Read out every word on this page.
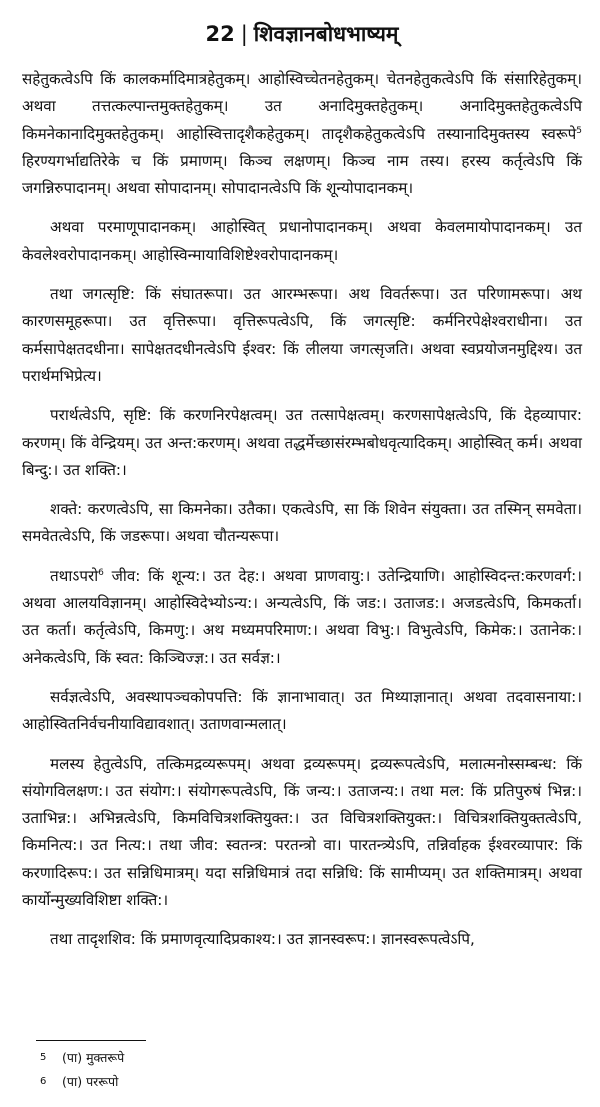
22 | शिवज्ञानबोधभाष्यम्

सहेतुकत्वेऽपि किं कालकर्मादिमात्रहेतुकम्। आहोस्विच्चेतनहेतुकम्। चेतनहेतुकत्वेऽपि किं संसारिहेतुकम्। अथवा तत्तत्कल्पान्तमुक्तहेतुकम्। उत अनादिमुक्तहेतुकम्। अनादिमुक्तहेतुकत्वेऽपि किमनेकानादिमुक्तहेतुकम्। आहोस्वित्तादृशैकहेतुकम्। तादृशैकहेतुकत्वेऽपि तस्यानादिमुक्तस्य स्वरूपे$^5$ हिरण्यगर्भाद्यतिरेके च किं प्रमाणम्। किञ्च लक्षणम्। किञ्च नाम तस्य। हरस्य कर्तृत्वेऽपि किं जगन्निरुपादानम्। अथवा सोपादानम्। सोपादानत्वेऽपि किं शून्योपादानकम्।

अथवा परमाणूपादानकम्। आहोस्वित् प्रधानोपादानकम्। अथवा केवलमायोपादानकम्। उत केवलेश्वरोपादानकम्। आहोस्विन्मायाविशिष्टेश्वरोपादानकम्।

तथा जगत्सृष्टि: किं संघातरूपा। उत आरम्भरूपा। अथ विवर्तरूपा। उत परिणामरूपा। अथ कारणसमूहरूपा। उत वृत्तिरूपा। वृत्तिरूपत्वेऽपि, किं जगत्सृष्टि: कर्मनिरपेक्षेश्वराधीना। उत कर्मसापेक्षतदधीना। सापेक्षतदधीनत्वेऽपि ईश्वर: किं लीलया जगत्सृजति। अथवा स्वप्रयोजनमुद्दिश्य। उत परार्थमभिप्रेत्य।

परार्थत्वेऽपि, सृष्टि: किं करणनिरपेक्षत्वम्। उत तत्सापेक्षत्वम्। करणसापेक्षत्वेऽपि, किं देहव्यापार: करणम्। किं वेन्द्रियम्। उत अन्त:करणम्। अथवा तद्धर्मेच्छासंरम्भबोधवृत्यादिकम्। आहोस्वित् कर्म। अथवा बिन्दु:। उत शक्ति:।

शक्ते: करणत्वेऽपि, सा किमनेका। उतैका। एकत्वेऽपि, सा किं शिवेन संयुक्ता। उत तस्मिन् समवेता। समवेतत्वेऽपि, किं जडरूपा। अथवा चौतन्यरूपा।

तथाऽपरो$^6$ जीव: किं शून्य:। उत देह:। अथवा प्राणवायु:। उतेन्द्रियाणि। आहोस्विदन्त:करणवर्ग:। अथवा आलयविज्ञानम्। आहोस्विदेभ्योऽन्य:। अन्यत्वेऽपि, किं जड:। उताजड:। अजडत्वेऽपि, किमकर्ता। उत कर्ता। कर्तृत्वेऽपि, किमणु:। अथ मध्यमपरिमाण:। अथवा विभु:। विभुत्वेऽपि, किमेक:। उतानेक:। अनेकत्वेऽपि, किं स्वत: किञ्चिज्ज्ञ:। उत सर्वज्ञ:।

सर्वज्ञत्वेऽपि, अवस्थापञ्चकोपपत्ति: किं ज्ञानाभावात्। उत मिथ्याज्ञानात्। अथवा तदवासनाया:। आहोस्वितनिर्वचनीयाविद्यावशात्। उताणवान्मलात्।

मलस्य हेतुत्वेऽपि, तत्किमद्रव्यरूपम्। अथवा द्रव्यरूपम्। द्रव्यरूपत्वेऽपि, मलात्मनोस्सम्बन्ध: किं संयोगविलक्षण:। उत संयोग:। संयोगरूपत्वेऽपि, किं जन्य:। उताजन्य:। तथा मल: किं प्रतिपुरुषं भिन्न:। उताभिन्न:। अभिन्नत्वेऽपि, किमविचित्रशक्तियुक्त:। उत विचित्रशक्तियुक्त:। विचित्रशक्तियुक्तत्वेऽपि, किमनित्य:। उत नित्य:। तथा जीव: स्वतन्त्र: परतन्त्रो वा। पारतन्त्र्येऽपि, तन्निर्वाहक ईश्वरव्यापार: किं करणादिरूप:। उत सन्निधिमात्रम्। यदा सन्निधिमात्रं तदा सन्निधि: किं सामीप्यम्। उत शक्तिमात्रम्। अथवा कार्योन्मुख्यविशिष्टा शक्ति:।

तथा तादृशशिव: किं प्रमाणवृत्यादिप्रकाश्य:। उत ज्ञानस्वरूप:। ज्ञानस्वरूपत्वेऽपि,

5 (पा) मुक्तरूपे
6 (पा) पररूपो
